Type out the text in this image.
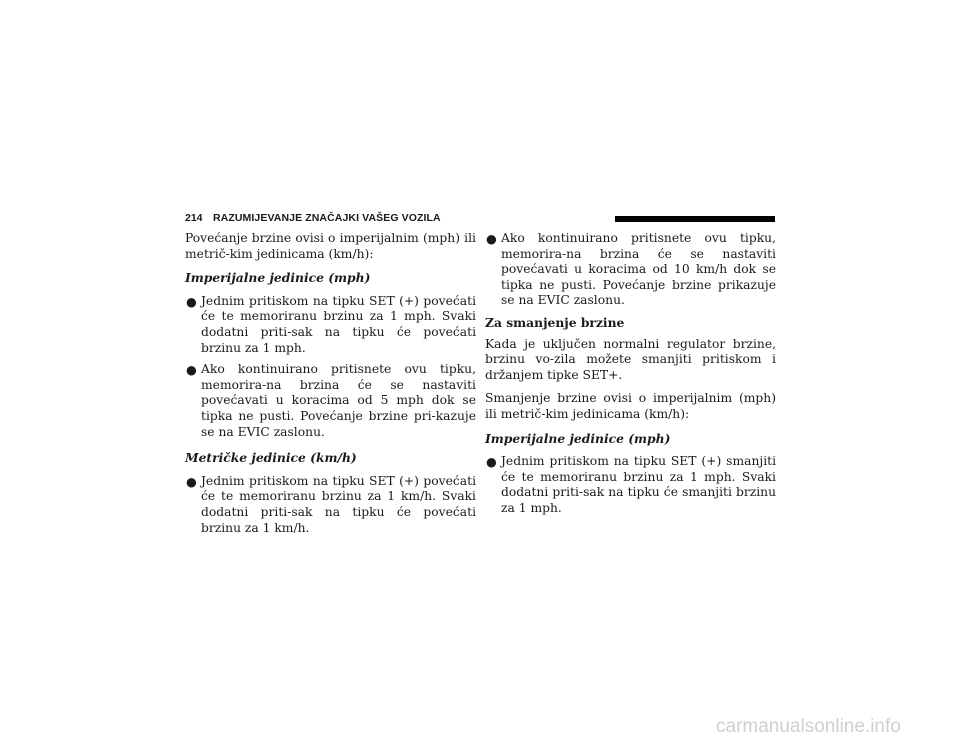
214 RAZUMIJEVANJE ZNAČAJKI VAŠEG VOZILA

Povećanje brzine ovisi o imperijalnim (mph) ili metrič-kim jedinicama (km/h):

Imperijalne jedinice (mph)

● Jednim pritiskom na tipku SET (+) povećati će te memoriranu brzinu za 1 mph. Svaki dodatni priti-sak na tipku će povećati brzinu za 1 mph.
● Ako kontinuirano pritisnete ovu tipku, memorira-na brzina će se nastaviti povećavati u koracima od 5 mph dok se tipka ne pusti. Povećanje brzine pri-kazuje se na EVIC zaslonu.

Metričke jedinice (km/h)

● Jednim pritiskom na tipku SET (+) povećati će te memoriranu brzinu za 1 km/h. Svaki dodatni priti-sak na tipku će povećati brzinu za 1 km/h.
● Ako kontinuirano pritisnete ovu tipku, memorira-na brzina će se nastaviti povećavati u koracima od 10 km/h dok se tipka ne pusti. Povećanje brzine prikazuje se na EVIC zaslonu.

Za smanjenje brzine

Kada je uključen normalni regulator brzine, brzinu vo-zila možete smanjiti pritiskom i držanjem tipke SET+.

Smanjenje brzine ovisi o imperijalnim (mph) ili metrič-kim jedinicama (km/h):

Imperijalne jedinice (mph)

● Jednim pritiskom na tipku SET (+) smanjiti će te memoriranu brzinu za 1 mph. Svaki dodatni priti-sak na tipku će smanjiti brzinu za 1 mph.
carmanualsonline.info
